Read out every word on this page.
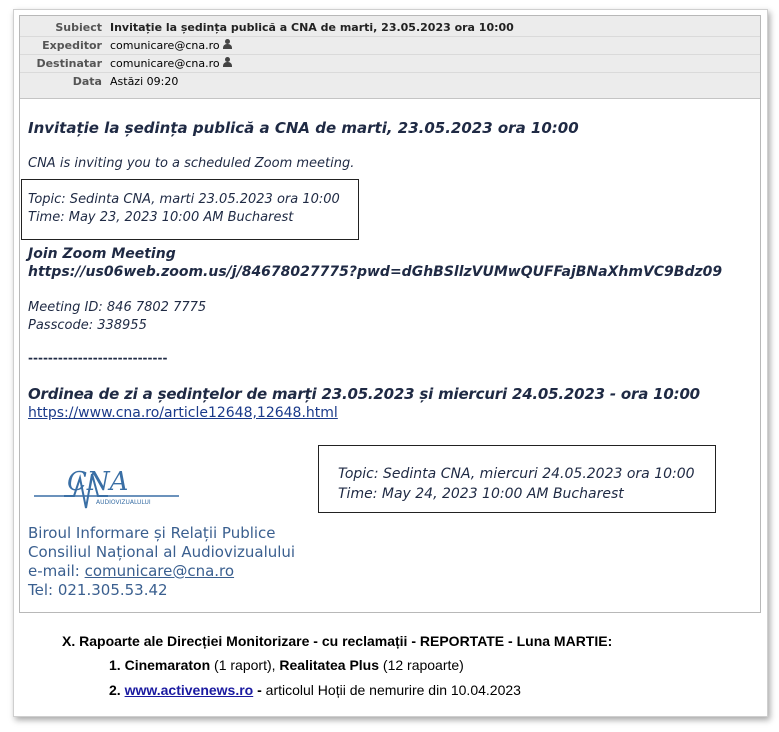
Subiect Invitație la ședința publică a CNA de marti, 23.05.2023 ora 10:00
Expeditor comunicare@cna.ro
Destinatar comunicare@cna.ro
Data Astăzi 09:20
Invitație la ședința publică a CNA de marti, 23.05.2023 ora 10:00
CNA is inviting you to a scheduled Zoom meeting.
Topic: Sedinta CNA, marti 23.05.2023 ora 10:00
Time: May 23, 2023 10:00 AM Bucharest
Join Zoom Meeting
https://us06web.zoom.us/j/84678027775?pwd=dGhBSllzVUMwQUFFajBNaXhmVC9Bdz09
Meeting ID: 846 7802 7775
Passcode: 338955
----------------------------
Ordinea de zi a ședințelor de marți 23.05.2023 și miercuri 24.05.2023 - ora 10:00
https://www.cna.ro/article12648,12648.html
Topic: Sedinta CNA, miercuri 24.05.2023 ora 10:00
Time: May 24, 2023 10:00 AM Bucharest
CNA
AUDIOVIZUALULUI
Biroul Informare și Relații Publice
Consiliul Național al Audiovizualului
e-mail: comunicare@cna.ro
Tel: 021.305.53.42
X. Rapoarte ale Direcției Monitorizare - cu reclamații - REPORTATE - Luna MARTIE:
1. Cinemaraton (1 raport), Realitatea Plus (12 rapoarte)
2. www.activenews.ro - articolul Hoții de nemurire din 10.04.2023
